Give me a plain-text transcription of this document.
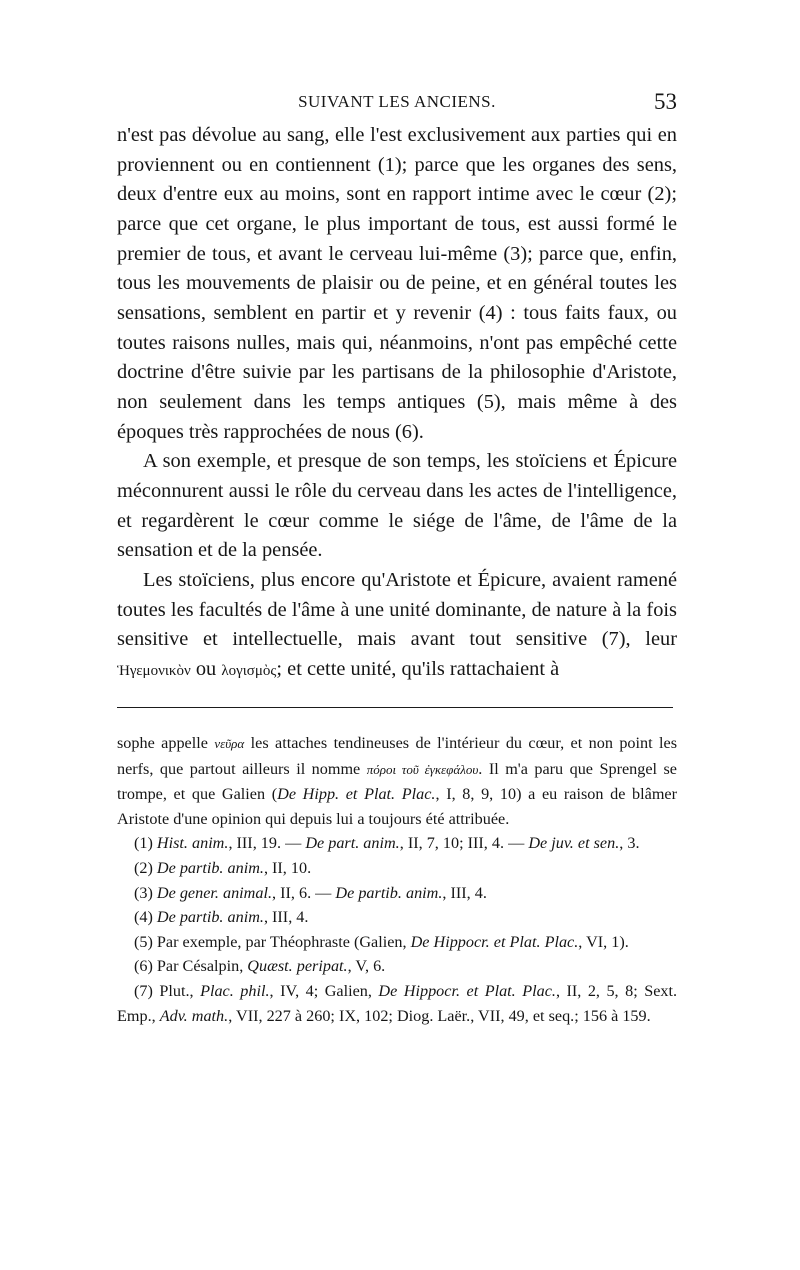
SUIVANT LES ANCIENS.	53

n'est pas dévolue au sang, elle l'est exclusivement aux parties qui en proviennent ou en contiennent (1); parce que les organes des sens, deux d'entre eux au moins, sont en rapport intime avec le cœur (2); parce que cet organe, le plus important de tous, est aussi formé le premier de tous, et avant le cerveau lui-même (3); parce que, enfin, tous les mouvements de plaisir ou de peine, et en général toutes les sensations, semblent en partir et y revenir (4) : tous faits faux, ou toutes raisons nulles, mais qui, néanmoins, n'ont pas empêché cette doctrine d'être suivie par les partisans de la philosophie d'Aristote, non seulement dans les temps antiques (5), mais même à des époques très rapprochées de nous (6).

A son exemple, et presque de son temps, les stoïciens et Épicure méconnurent aussi le rôle du cerveau dans les actes de l'intelligence, et regardèrent le cœur comme le siége de l'âme, de l'âme de la sensation et de la pensée.

Les stoïciens, plus encore qu'Aristote et Épicure, avaient ramené toutes les facultés de l'âme à une unité dominante, de nature à la fois sensitive et intellectuelle, mais avant tout sensitive (7), leur Ἡγεμονικὸν ou λογισμὸς; et cette unité, qu'ils rattachaient à

sophe appelle νεῦρα les attaches tendineuses de l'intérieur du cœur, et non point les nerfs, que partout ailleurs il nomme πόροι τοῦ ἐγκεφάλου. Il m'a paru que Sprengel se trompe, et que Galien (De Hipp. et Plat. Plac., I, 8, 9, 10) a eu raison de blâmer Aristote d'une opinion qui depuis lui a toujours été attribuée.

(1) Hist. anim., III, 19. — De part. anim., II, 7, 10; III, 4. — De juv. et sen., 3.

(2) De partib. anim., II, 10.

(3) De gener. animal., II, 6. — De partib. anim., III, 4.

(4) De partib. anim., III, 4.

(5) Par exemple, par Théophraste (Galien, De Hippocr. et Plat. Plac., VI, 1).

(6) Par Césalpin, Quæst. peripat., V, 6.

(7) Plut., Plac. phil., IV, 4; Galien, De Hippocr. et Plat. Plac., II, 2, 5, 8; Sext. Emp., Adv. math., VII, 227 à 260; IX, 102; Diog. Laër., VII, 49, et seq.; 156 à 159.
